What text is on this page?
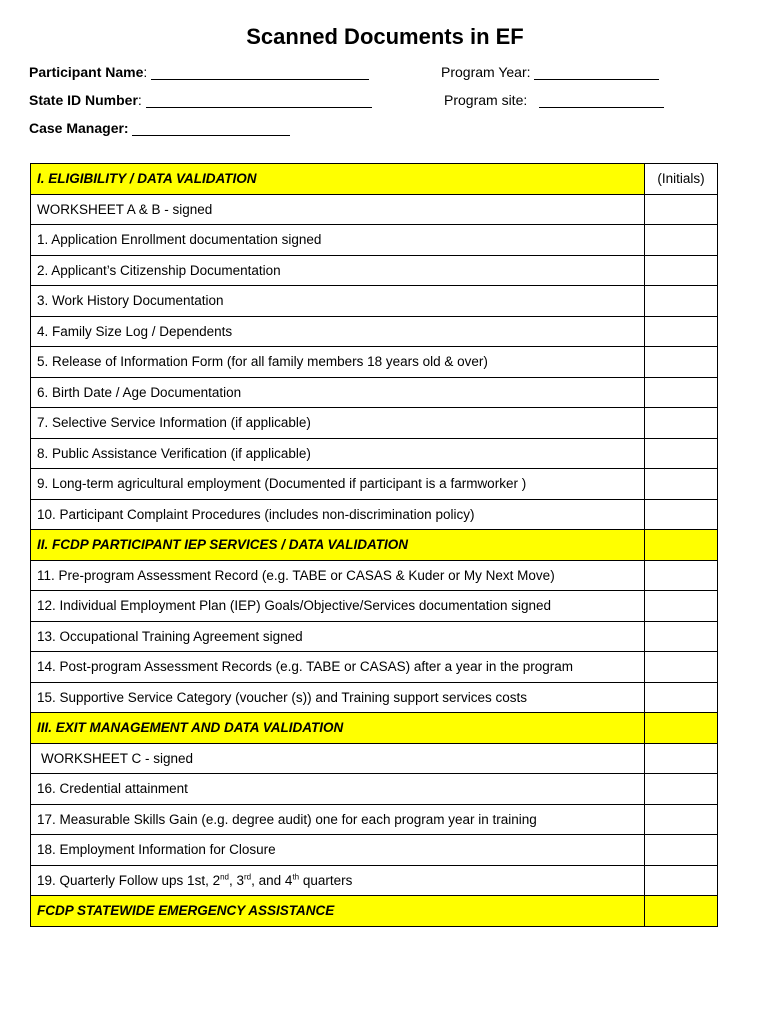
Scanned Documents in EF
Participant Name:	Program Year:
State ID Number:	Program site:
Case Manager:
I. ELIGIBILITY / DATA VALIDATION	(Initials)
WORKSHEET A & B - signed	
1. Application Enrollment documentation signed	
2. Applicant’s Citizenship Documentation	
3. Work History Documentation	
4. Family Size Log / Dependents	
5. Release of Information Form (for all family members 18 years old & over)	
6. Birth Date / Age Documentation	
7. Selective Service Information (if applicable)	
8. Public Assistance Verification (if applicable)	
9. Long-term agricultural employment (Documented if participant is a farmworker )	
10. Participant Complaint Procedures (includes non-discrimination policy)	
II. FCDP PARTICIPANT IEP SERVICES / DATA VALIDATION	
11. Pre-program Assessment Record (e.g. TABE or CASAS & Kuder or My Next Move)	
12. Individual Employment Plan (IEP) Goals/Objective/Services documentation signed	
13. Occupational Training Agreement signed	
14. Post-program Assessment Records (e.g. TABE or CASAS) after a year in the program	
15. Supportive Service Category (voucher (s)) and Training support services costs	
III. EXIT MANAGEMENT AND DATA VALIDATION	
WORKSHEET C - signed	
16. Credential attainment	
17. Measurable Skills Gain (e.g. degree audit) one for each program year in training	
18. Employment Information for Closure	
19. Quarterly Follow ups 1st, 2nd, 3rd, and 4th quarters	
FCDP STATEWIDE EMERGENCY ASSISTANCE	
